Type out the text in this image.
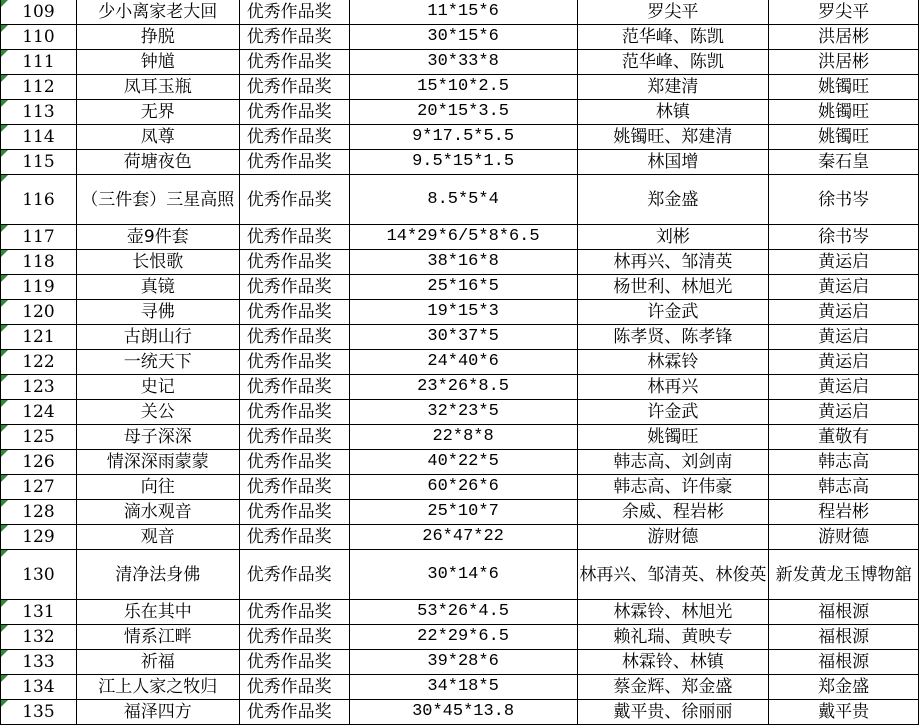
109	少小离家老大回	优秀作品奖	11*15*6	罗尖平	罗尖平
110	挣脱	优秀作品奖	30*15*6	范华峰、陈凯	洪居彬
111	钟馗	优秀作品奖	30*33*8	范华峰、陈凯	洪居彬
112	凤耳玉瓶	优秀作品奖	15*10*2.5	郑建清	姚镯旺
113	无界	优秀作品奖	20*15*3.5	林镇	姚镯旺
114	凤尊	优秀作品奖	9*17.5*5.5	姚镯旺、郑建清	姚镯旺
115	荷塘夜色	优秀作品奖	9.5*15*1.5	林国增	秦石皇
116	（三件套）三星高照	优秀作品奖	8.5*5*4	郑金盛	徐书岑
117	壶9件套	优秀作品奖	14*29*6/5*8*6.5	刘彬	徐书岑
118	长恨歌	优秀作品奖	38*16*8	林再兴、邹清英	黄运启
119	真镜	优秀作品奖	25*16*5	杨世利、林旭光	黄运启
120	寻佛	优秀作品奖	19*15*3	许金武	黄运启
121	古朗山行	优秀作品奖	30*37*5	陈孝贤、陈孝锋	黄运启
122	一统天下	优秀作品奖	24*40*6	林霖铃	黄运启
123	史记	优秀作品奖	23*26*8.5	林再兴	黄运启
124	关公	优秀作品奖	32*23*5	许金武	黄运启
125	母子深深	优秀作品奖	22*8*8	姚镯旺	董敬有
126	情深深雨蒙蒙	优秀作品奖	40*22*5	韩志高、刘剑南	韩志高
127	向往	优秀作品奖	60*26*6	韩志高、许伟豪	韩志高
128	滴水观音	优秀作品奖	25*10*7	余威、程岩彬	程岩彬
129	观音	优秀作品奖	26*47*22	游财德	游财德
130	清净法身佛	优秀作品奖	30*14*6	林再兴、邹清英、林俊英	新发黄龙玉博物舘
131	乐在其中	优秀作品奖	53*26*4.5	林霖铃、林旭光	福根源
132	情系江畔	优秀作品奖	22*29*6.5	赖礼瑞、黄映专	福根源
133	祈福	优秀作品奖	39*28*6	林霖铃、林镇	福根源
134	江上人家之牧归	优秀作品奖	34*18*5	蔡金辉、郑金盛	郑金盛
135	福泽四方	优秀作品奖	30*45*13.8	戴平贵、徐丽丽	戴平贵
